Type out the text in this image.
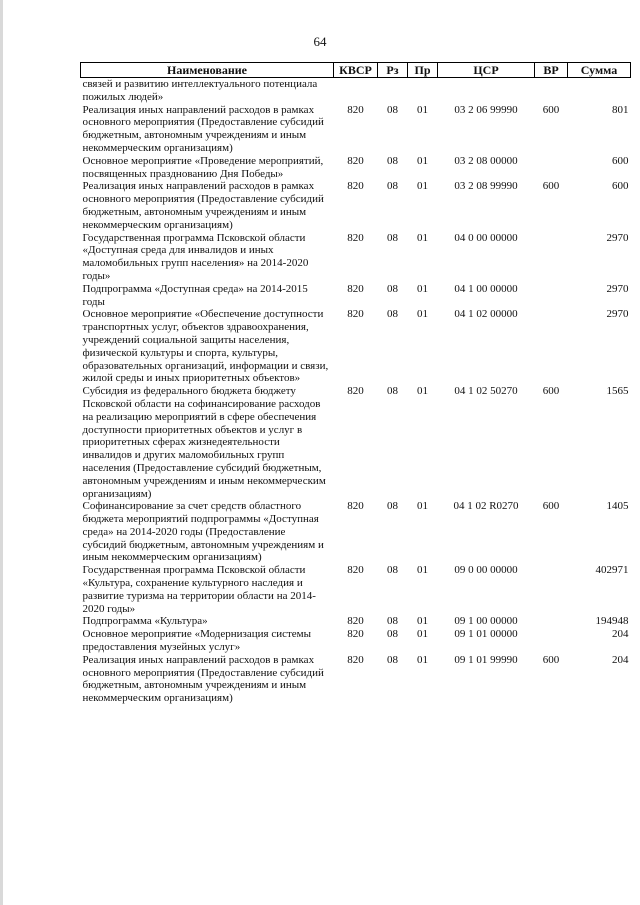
64
Наименование	КВСР	Рз	Пр	ЦСР	ВР	Сумма
связей и развитию интеллектуального потенциала пожилых людей»						
Реализация иных направлений расходов в рамках основного мероприятия (Предоставление субсидий бюджетным, автономным учреждениям и иным некоммерческим организациям)	820	08	01	03 2 06 99990	600	801
Основное мероприятие «Проведение мероприятий, посвященных празднованию Дня Победы»	820	08	01	03 2 08 00000		600
Реализация иных направлений расходов в рамках основного мероприятия (Предоставление субсидий бюджетным, автономным учреждениям и иным некоммерческим организациям)	820	08	01	03 2 08 99990	600	600
Государственная программа Псковской области «Доступная среда для инвалидов и иных маломобильных групп населения» на 2014-2020 годы»	820	08	01	04 0 00 00000		2970
Подпрограмма «Доступная среда» на 2014-2015 годы	820	08	01	04 1 00 00000		2970
Основное мероприятие «Обеспечение доступности транспортных услуг, объектов здравоохранения, учреждений социальной защиты населения, физической культуры и спорта, культуры, образовательных организаций, информации и связи, жилой среды и иных приоритетных объектов»	820	08	01	04 1 02 00000		2970
Субсидия из федерального бюджета бюджету Псковской области на софинансирование расходов на реализацию мероприятий в сфере обеспечения доступности приоритетных объектов и услуг в приоритетных сферах жизнедеятельности инвалидов и других маломобильных групп населения (Предоставление субсидий бюджетным, автономным учреждениям и иным некоммерческим организациям)	820	08	01	04 1 02 50270	600	1565
Софинансирование за счет средств областного бюджета мероприятий подпрограммы «Доступная среда» на 2014-2020 годы (Предоставление субсидий бюджетным, автономным учреждениям и иным некоммерческим организациям)	820	08	01	04 1 02 R0270	600	1405
Государственная программа Псковской области «Культура, сохранение культурного наследия и развитие туризма на территории области на 2014-2020 годы»	820	08	01	09 0 00 00000		402971
Подпрограмма «Культура»	820	08	01	09 1 00 00000		194948
Основное мероприятие «Модернизация системы предоставления музейных услуг»	820	08	01	09 1 01 00000		204
Реализация иных направлений расходов в рамках основного мероприятия (Предоставление субсидий бюджетным, автономным учреждениям и иным некоммерческим организациям)	820	08	01	09 1 01 99990	600	204
